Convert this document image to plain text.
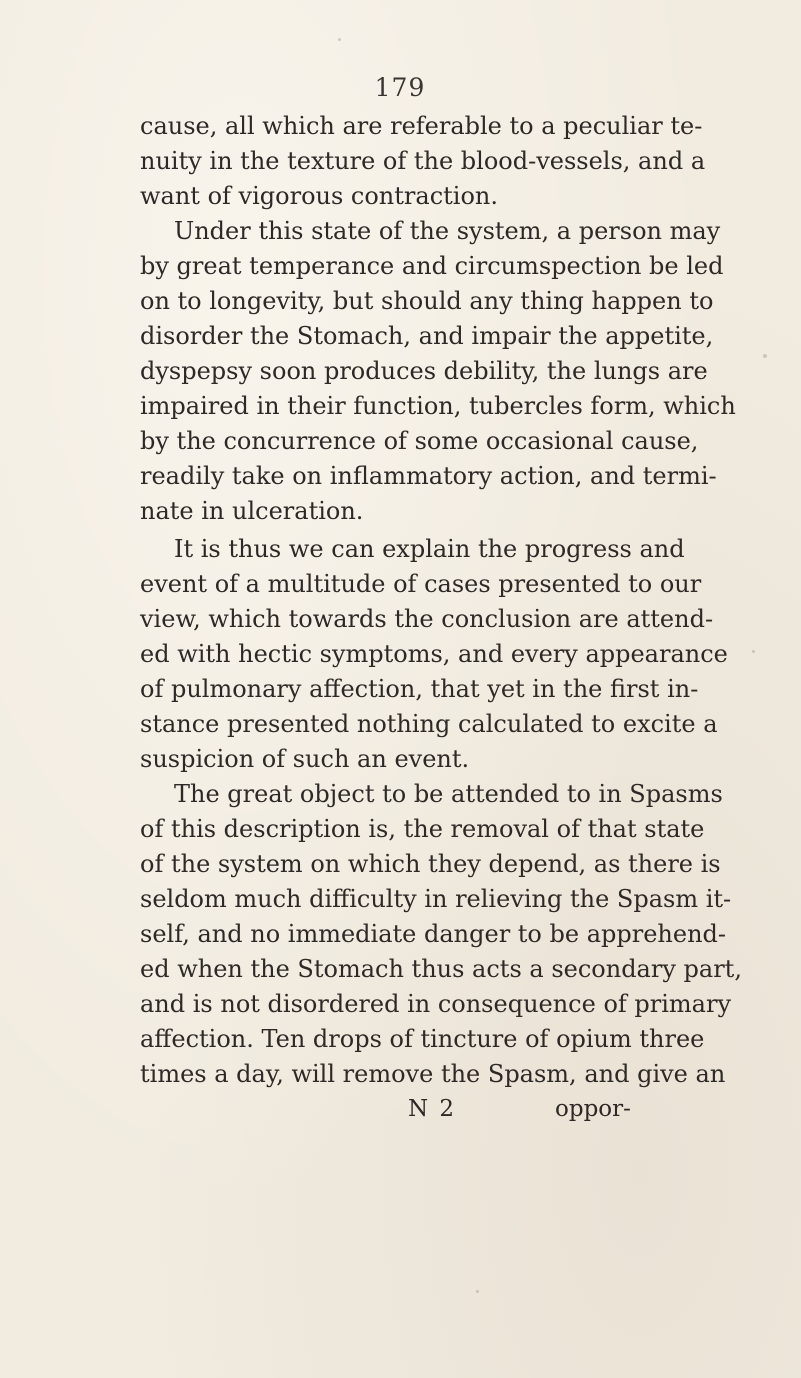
179
cause, all which are referable to a peculiar te-
nuity in the texture of the blood-vessels, and a
want of vigorous contraction.
Under this state of the system, a person may
by great temperance and circumspection be led
on to longevity, but should any thing happen to
disorder the Stomach, and impair the appetite,
dyspepsy soon produces debility, the lungs are
impaired in their function, tubercles form, which
by the concurrence of some occasional cause,
readily take on inflammatory action, and termi-
nate in ulceration.
It is thus we can explain the progress and
event of a multitude of cases presented to our
view, which towards the conclusion are attend-
ed with hectic symptoms, and every appearance
of pulmonary affection, that yet in the first in-
stance presented nothing calculated to excite a
suspicion of such an event.
The great object to be attended to in Spasms
of this description is, the removal of that state
of the system on which they depend, as there is
seldom much difficulty in relieving the Spasm it-
self, and no immediate danger to be apprehend-
ed when the Stomach thus acts a secondary part,
and is not disordered in consequence of primary
affection. Ten drops of tincture of opium three
times a day, will remove the Spasm, and give an
N 2	oppor-
